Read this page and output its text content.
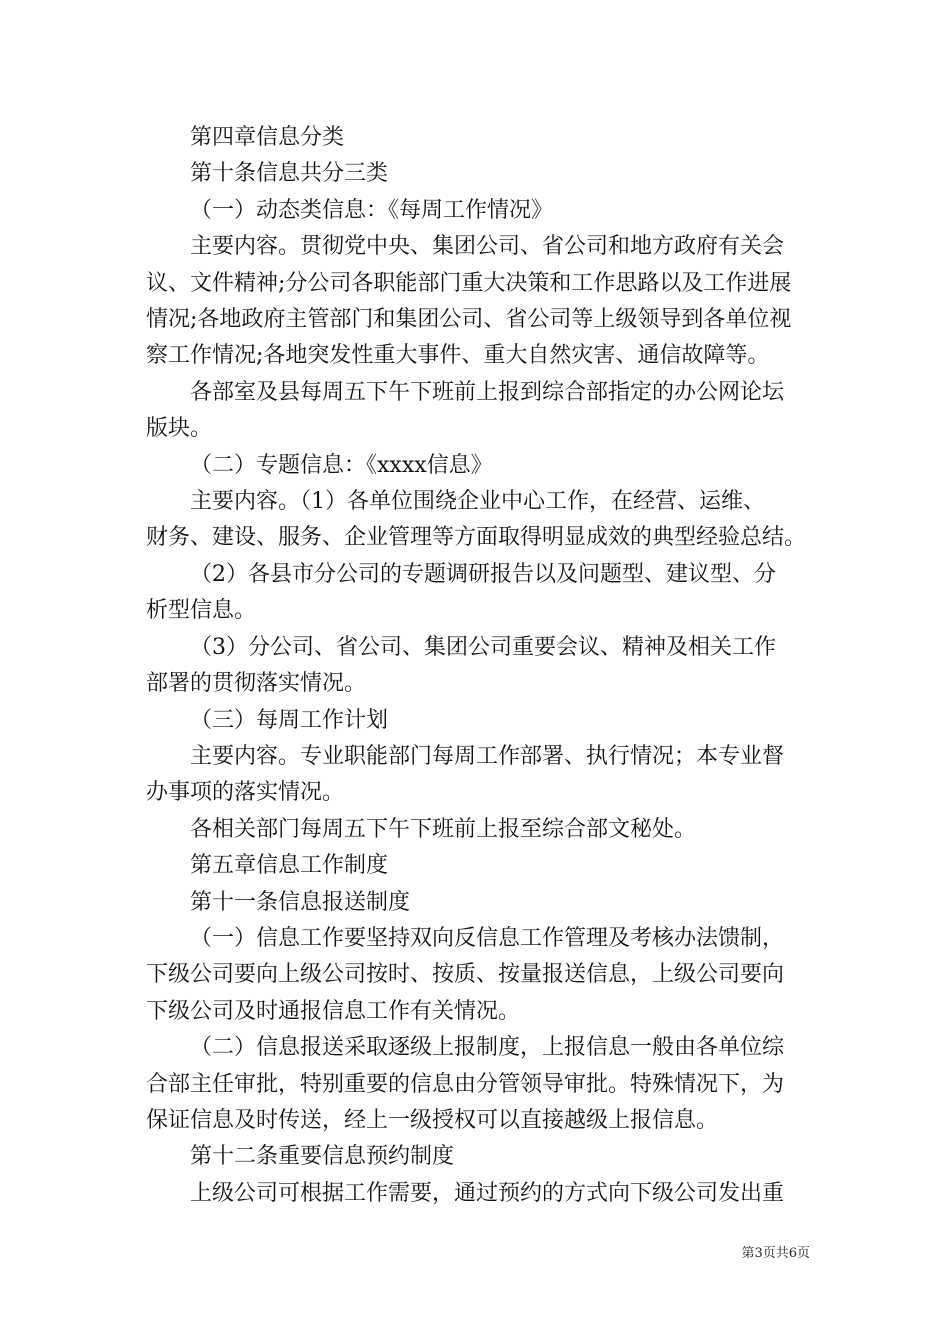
第四章信息分类

第十条信息共分三类

（一）动态类信息：《每周工作情况》

主要内容。贯彻党中央、集团公司、省公司和地方政府有关会
议、文件精神;分公司各职能部门重大决策和工作思路以及工作进展
情况;各地政府主管部门和集团公司、省公司等上级领导到各单位视
察工作情况;各地突发性重大事件、重大自然灾害、通信故障等。

各部室及县每周五下午下班前上报到综合部指定的办公网论坛
版块。

（二）专题信息：《xxxx信息》

主要内容。（1）各单位围绕企业中心工作，在经营、运维、
财务、建设、服务、企业管理等方面取得明显成效的典型经验总结。

（2）各县市分公司的专题调研报告以及问题型、建议型、分
析型信息。

（3）分公司、省公司、集团公司重要会议、精神及相关工作
部署的贯彻落实情况。

（三）每周工作计划

主要内容。专业职能部门每周工作部署、执行情况；本专业督
办事项的落实情况。

各相关部门每周五下午下班前上报至综合部文秘处。

第五章信息工作制度

第十一条信息报送制度

（一）信息工作要坚持双向反信息工作管理及考核办法馈制，
下级公司要向上级公司按时、按质、按量报送信息，上级公司要向
下级公司及时通报信息工作有关情况。

（二）信息报送采取逐级上报制度，上报信息一般由各单位综
合部主任审批，特别重要的信息由分管领导审批。特殊情况下，为
保证信息及时传送，经上一级授权可以直接越级上报信息。

第十二条重要信息预约制度

上级公司可根据工作需要，通过预约的方式向下级公司发出重

第3页共6页
